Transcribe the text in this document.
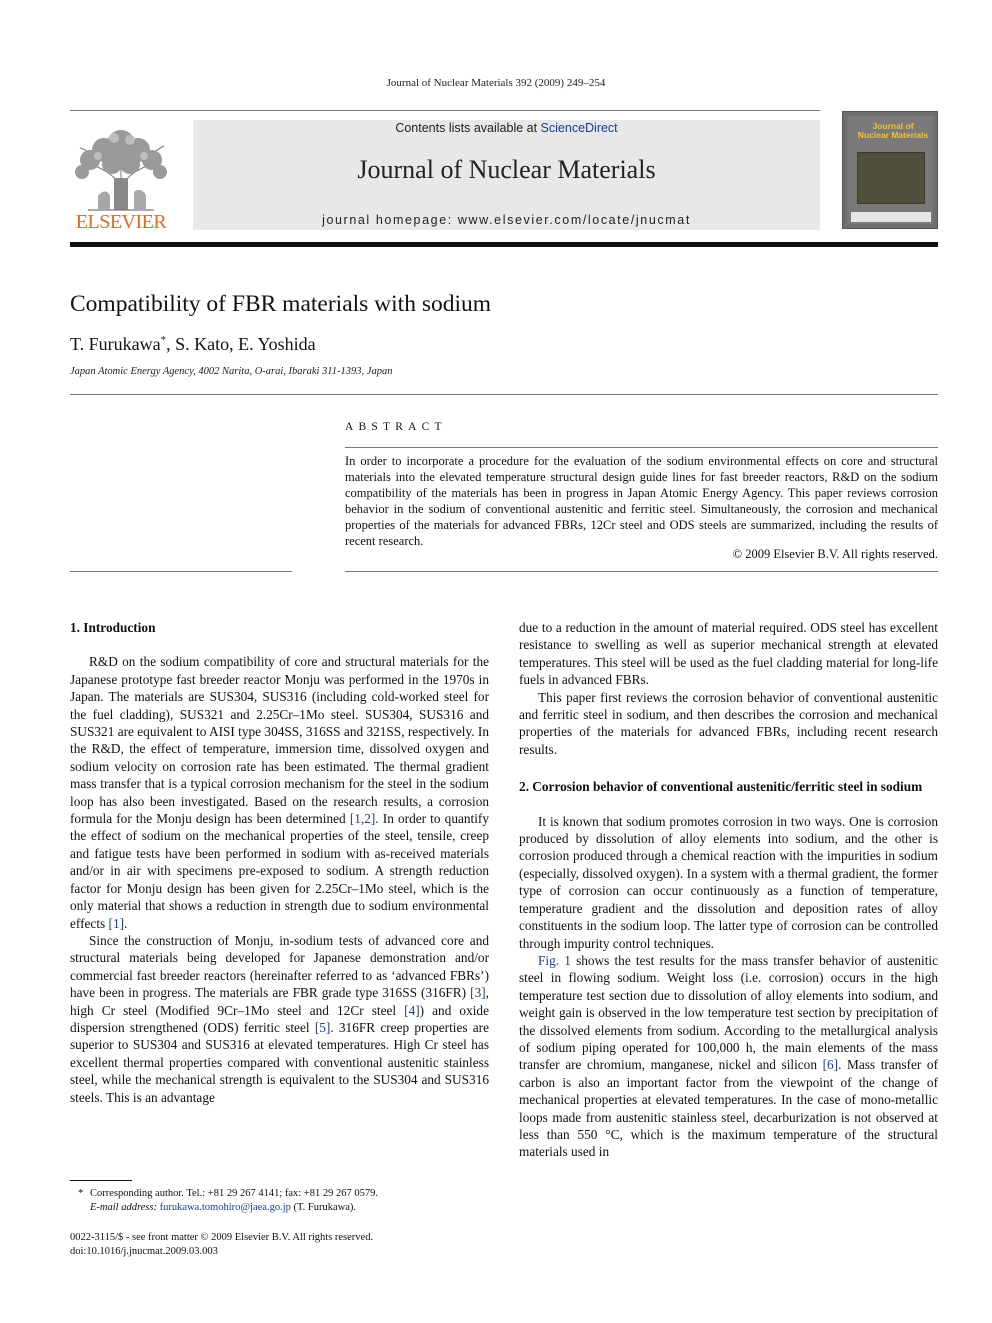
Journal of Nuclear Materials 392 (2009) 249–254
ELSEVIER
Contents lists available at ScienceDirect
Journal of Nuclear Materials
journal homepage: www.elsevier.com/locate/jnucmat
Journal of
Nuclear Materials
Compatibility of FBR materials with sodium
T. Furukawa*, S. Kato, E. Yoshida
Japan Atomic Energy Agency, 4002 Narita, O-arai, Ibaraki 311-1393, Japan
ABSTRACT
In order to incorporate a procedure for the evaluation of the sodium environmental effects on core and structural materials into the elevated temperature structural design guide lines for fast breeder reactors, R&D on the sodium compatibility of the materials has been in progress in Japan Atomic Energy Agency. This paper reviews corrosion behavior in the sodium of conventional austenitic and ferritic steel. Simultaneously, the corrosion and mechanical properties of the materials for advanced FBRs, 12Cr steel and ODS steels are summarized, including the results of recent research.
© 2009 Elsevier B.V. All rights reserved.
1. Introduction

R&D on the sodium compatibility of core and structural materials for the Japanese prototype fast breeder reactor Monju was performed in the 1970s in Japan. The materials are SUS304, SUS316 (including cold-worked steel for the fuel cladding), SUS321 and 2.25Cr–1Mo steel. SUS304, SUS316 and SUS321 are equivalent to AISI type 304SS, 316SS and 321SS, respectively. In the R&D, the effect of temperature, immersion time, dissolved oxygen and sodium velocity on corrosion rate has been estimated. The thermal gradient mass transfer that is a typical corrosion mechanism for the steel in the sodium loop has also been investigated. Based on the research results, a corrosion formula for the Monju design has been determined [1,2]. In order to quantify the effect of sodium on the mechanical properties of the steel, tensile, creep and fatigue tests have been performed in sodium with as-received materials and/or in air with specimens pre-exposed to sodium. A strength reduction factor for Monju design has been given for 2.25Cr–1Mo steel, which is the only material that shows a reduction in strength due to sodium environmental effects [1].

Since the construction of Monju, in-sodium tests of advanced core and structural materials being developed for Japanese demonstration and/or commercial fast breeder reactors (hereinafter referred to as ‘advanced FBRs’) have been in progress. The materials are FBR grade type 316SS (316FR) [3], high Cr steel (Modified 9Cr–1Mo steel and 12Cr steel [4]) and oxide dispersion strengthened (ODS) ferritic steel [5]. 316FR creep properties are superior to SUS304 and SUS316 at elevated temperatures. High Cr steel has excellent thermal properties compared with conventional austenitic stainless steel, while the mechanical strength is equivalent to the SUS304 and SUS316 steels. This is an advantage

due to a reduction in the amount of material required. ODS steel has excellent resistance to swelling as well as superior mechanical strength at elevated temperatures. This steel will be used as the fuel cladding material for long-life fuels in advanced FBRs.

This paper first reviews the corrosion behavior of conventional austenitic and ferritic steel in sodium, and then describes the corrosion and mechanical properties of the materials for advanced FBRs, including recent research results.

2. Corrosion behavior of conventional austenitic/ferritic steel in sodium

It is known that sodium promotes corrosion in two ways. One is corrosion produced by dissolution of alloy elements into sodium, and the other is corrosion produced through a chemical reaction with the impurities in sodium (especially, dissolved oxygen). In a system with a thermal gradient, the former type of corrosion can occur continuously as a function of temperature, temperature gradient and the dissolution and deposition rates of alloy constituents in the sodium loop. The latter type of corrosion can be controlled through impurity control techniques.

Fig. 1 shows the test results for the mass transfer behavior of austenitic steel in flowing sodium. Weight loss (i.e. corrosion) occurs in the high temperature test section due to dissolution of alloy elements into sodium, and weight gain is observed in the low temperature test section by precipitation of the dissolved elements from sodium. According to the metallurgical analysis of sodium piping operated for 100,000 h, the main elements of the mass transfer are chromium, manganese, nickel and silicon [6]. Mass transfer of carbon is also an important factor from the viewpoint of the change of mechanical properties at elevated temperatures. In the case of mono-metallic loops made from austenitic stainless steel, decarburization is not observed at less than 550 °C, which is the maximum temperature of the structural materials used in

* Corresponding author. Tel.: +81 29 267 4141; fax: +81 29 267 0579.
E-mail address: furukawa.tomohiro@jaea.go.jp (T. Furukawa).
0022-3115/$ - see front matter © 2009 Elsevier B.V. All rights reserved.
doi:10.1016/j.jnucmat.2009.03.003
